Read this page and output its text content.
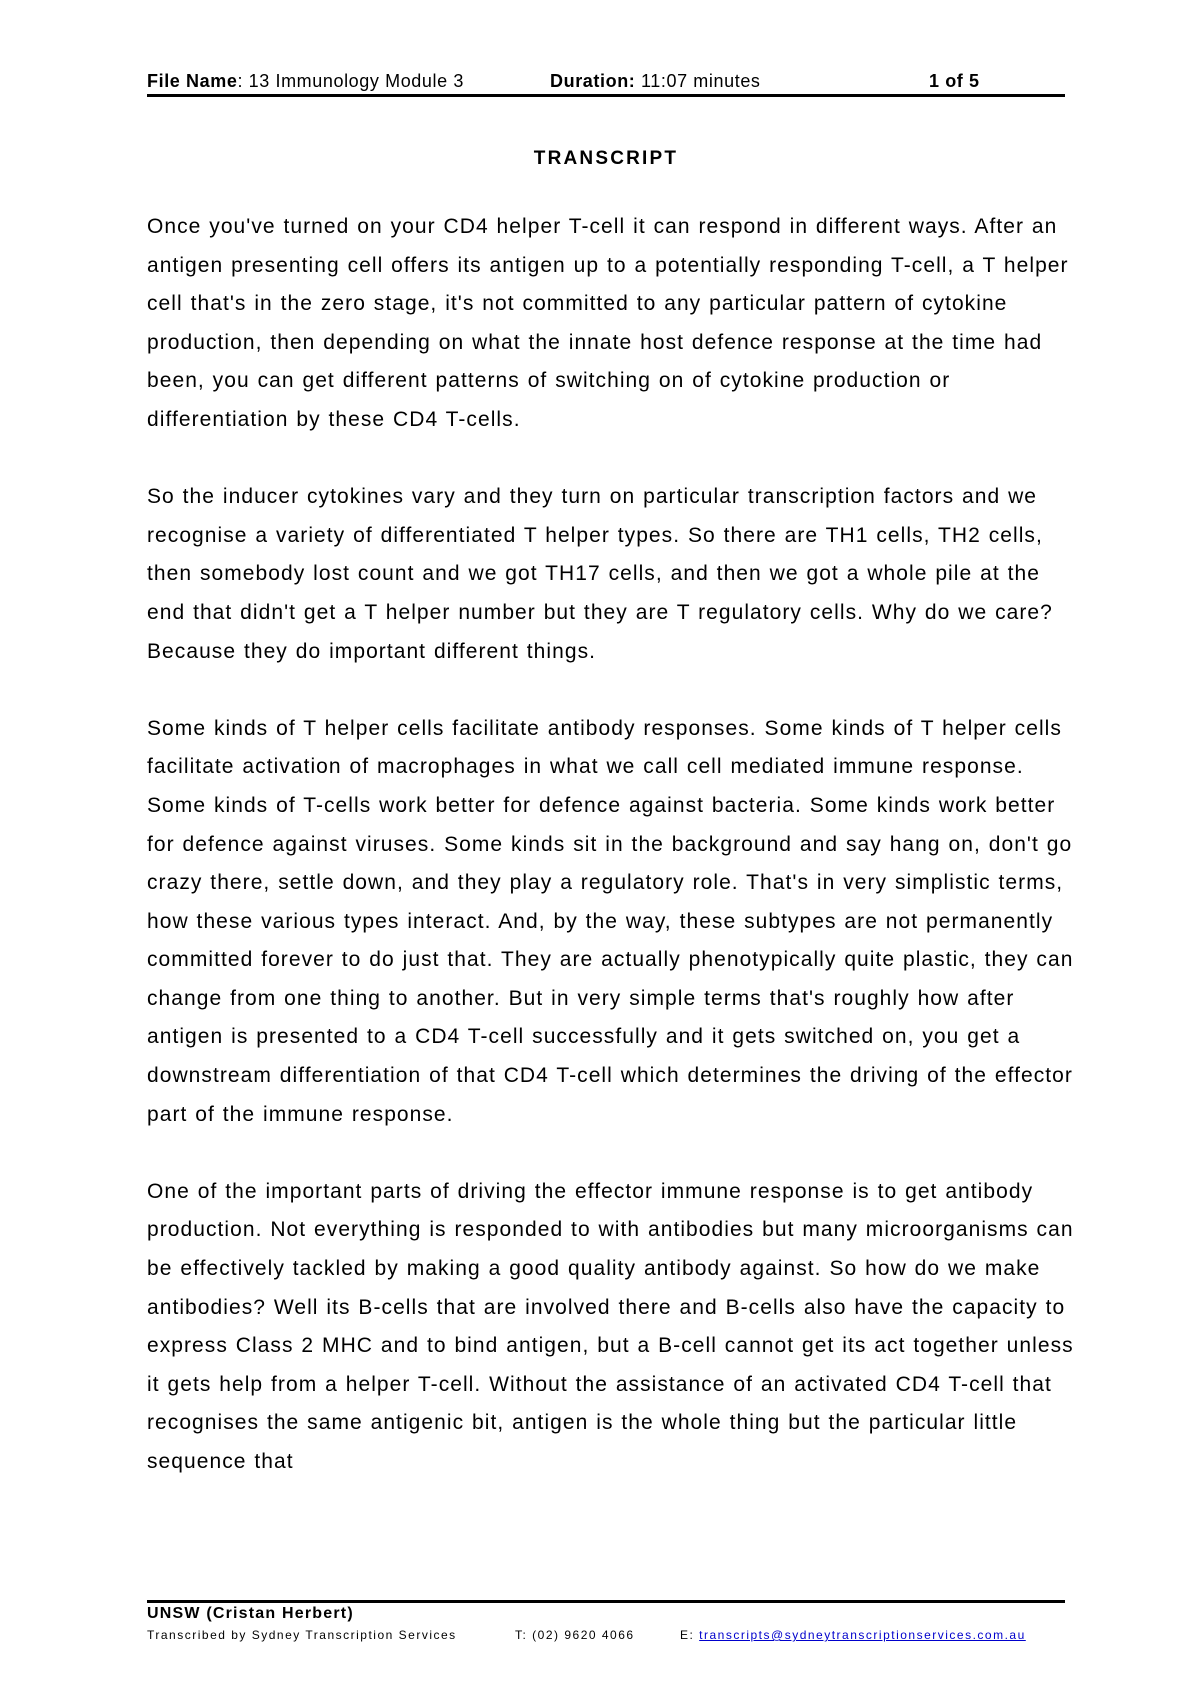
File Name: 13 Immunology Module 3	Duration: 11:07 minutes	1 of 5
TRANSCRIPT

Once you've turned on your CD4 helper T-cell it can respond in different ways. After an antigen presenting cell offers its antigen up to a potentially responding T-cell, a T helper cell that's in the zero stage, it's not committed to any particular pattern of cytokine production, then depending on what the innate host defence response at the time had been, you can get different patterns of switching on of cytokine production or differentiation by these CD4 T-cells.

So the inducer cytokines vary and they turn on particular transcription factors and we recognise a variety of differentiated T helper types. So there are TH1 cells, TH2 cells, then somebody lost count and we got TH17 cells, and then we got a whole pile at the end that didn't get a T helper number but they are T regulatory cells. Why do we care? Because they do important different things.

Some kinds of T helper cells facilitate antibody responses. Some kinds of T helper cells facilitate activation of macrophages in what we call cell mediated immune response. Some kinds of T-cells work better for defence against bacteria. Some kinds work better for defence against viruses. Some kinds sit in the background and say hang on, don't go crazy there, settle down, and they play a regulatory role. That's in very simplistic terms, how these various types interact. And, by the way, these subtypes are not permanently committed forever to do just that. They are actually phenotypically quite plastic, they can change from one thing to another. But in very simple terms that's roughly how after antigen is presented to a CD4 T-cell successfully and it gets switched on, you get a downstream differentiation of that CD4 T-cell which determines the driving of the effector part of the immune response.

One of the important parts of driving the effector immune response is to get antibody production. Not everything is responded to with antibodies but many microorganisms can be effectively tackled by making a good quality antibody against. So how do we make antibodies? Well its B-cells that are involved there and B-cells also have the capacity to express Class 2 MHC and to bind antigen, but a B-cell cannot get its act together unless it gets help from a helper T-cell. Without the assistance of an activated CD4 T-cell that recognises the same antigenic bit, antigen is the whole thing but the particular little sequence that

UNSW (Cristan Herbert)
Transcribed by Sydney Transcription Services	T: (02) 9620 4066	E: transcripts@sydneytranscriptionservices.com.au
